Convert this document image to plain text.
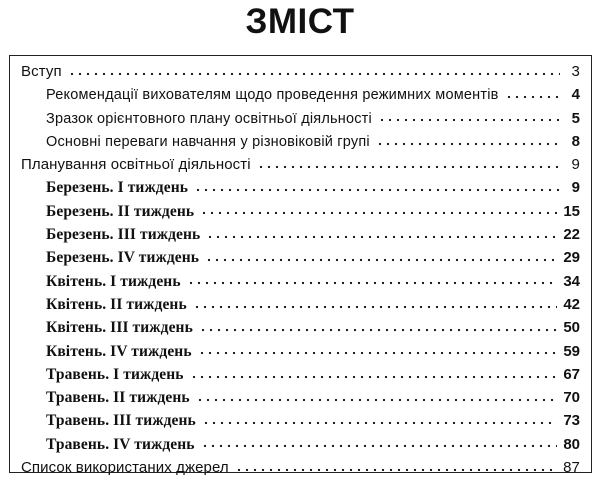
ЗМІСТ
Вступ	3
Рекомендації вихователям щодо проведення режимних моментів	4
Зразок орієнтовного плану освітньої діяльності	5
Основні переваги навчання у різновіковій групі	8
Планування освітньої діяльності	9
Березень. I тиждень	9
Березень. II тиждень	15
Березень. III тиждень	22
Березень. IV тиждень	29
Квітень. I тиждень	34
Квітень. II тиждень	42
Квітень. III тиждень	50
Квітень. IV тиждень	59
Травень. I тиждень	67
Травень. II тиждень	70
Травень. III тиждень	73
Травень. IV тиждень	80
Список використаних джерел	87
